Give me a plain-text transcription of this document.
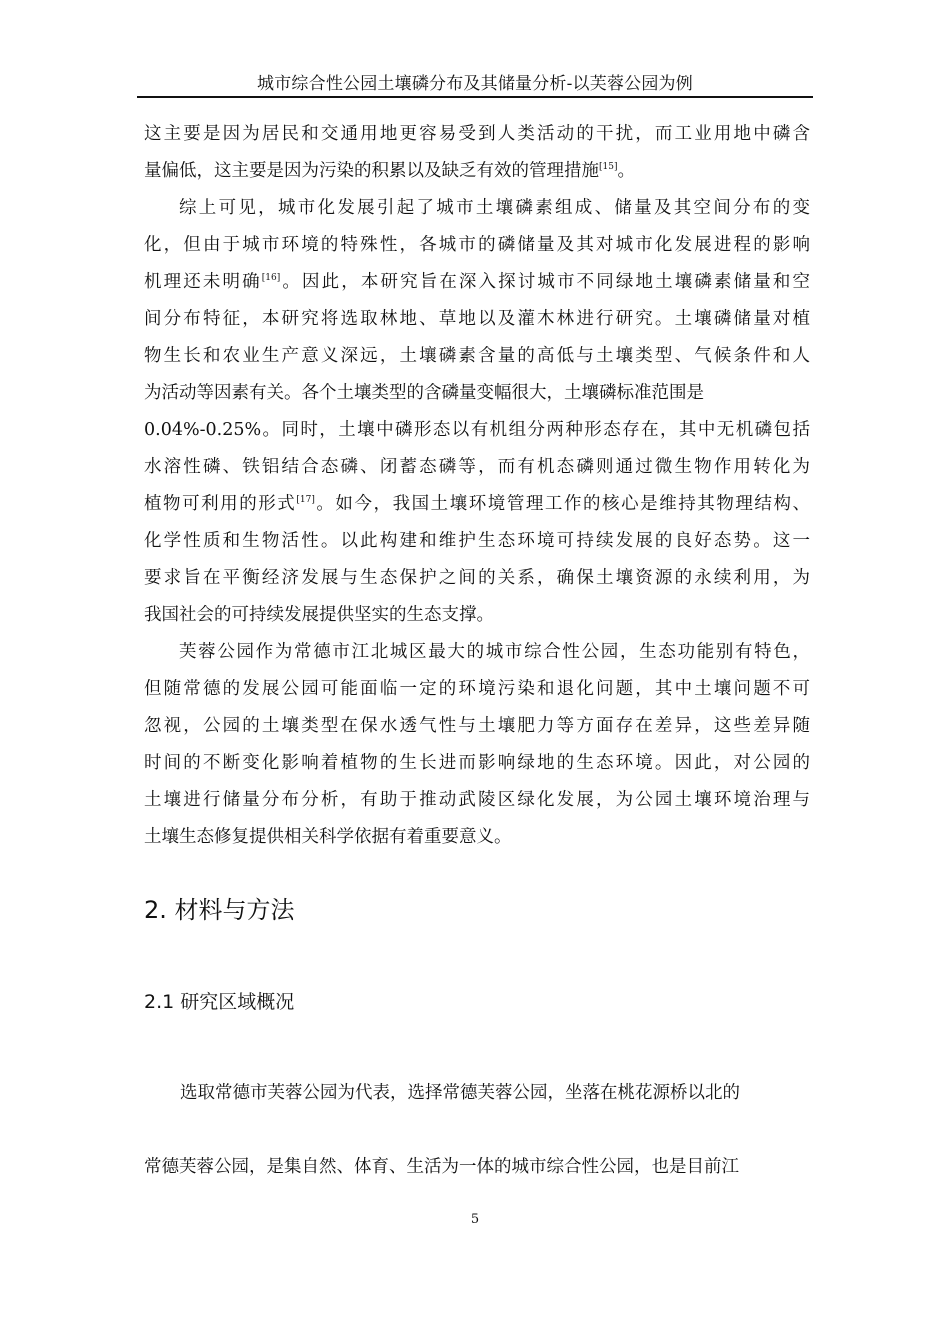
城市综合性公园土壤磷分布及其储量分析-以芙蓉公园为例
这主要是因为居民和交通用地更容易受到人类活动的干扰，而工业用地中磷含
量偏低，这主要是因为污染的积累以及缺乏有效的管理措施[15]。
综上可见，城市化发展引起了城市土壤磷素组成、储量及其空间分布的变
化，但由于城市环境的特殊性，各城市的磷储量及其对城市化发展进程的影响
机理还未明确[16]。因此，本研究旨在深入探讨城市不同绿地土壤磷素储量和空
间分布特征，本研究将选取林地、草地以及灌木林进行研究。土壤磷储量对植
物生长和农业生产意义深远，土壤磷素含量的高低与土壤类型、气候条件和人
为活动等因素有关。各个土壤类型的含磷量变幅很大，土壤磷标准范围是
0.04%-0.25%。同时，土壤中磷形态以有机组分两种形态存在，其中无机磷包括
水溶性磷、铁铝结合态磷、闭蓄态磷等，而有机态磷则通过微生物作用转化为
植物可利用的形式[17]。如今，我国土壤环境管理工作的核心是维持其物理结构、
化学性质和生物活性。以此构建和维护生态环境可持续发展的良好态势。这一
要求旨在平衡经济发展与生态保护之间的关系，确保土壤资源的永续利用，为
我国社会的可持续发展提供坚实的生态支撑。
芙蓉公园作为常德市江北城区最大的城市综合性公园，生态功能别有特色，
但随常德的发展公园可能面临一定的环境污染和退化问题，其中土壤问题不可
忽视，公园的土壤类型在保水透气性与土壤肥力等方面存在差异，这些差异随
时间的不断变化影响着植物的生长进而影响绿地的生态环境。因此，对公园的
土壤进行储量分布分析，有助于推动武陵区绿化发展，为公园土壤环境治理与
土壤生态修复提供相关科学依据有着重要意义。
2. 材料与方法
2.1 研究区域概况
选取常德市芙蓉公园为代表，选择常德芙蓉公园，坐落在桃花源桥以北的
常德芙蓉公园，是集自然、体育、生活为一体的城市综合性公园，也是目前江
5
